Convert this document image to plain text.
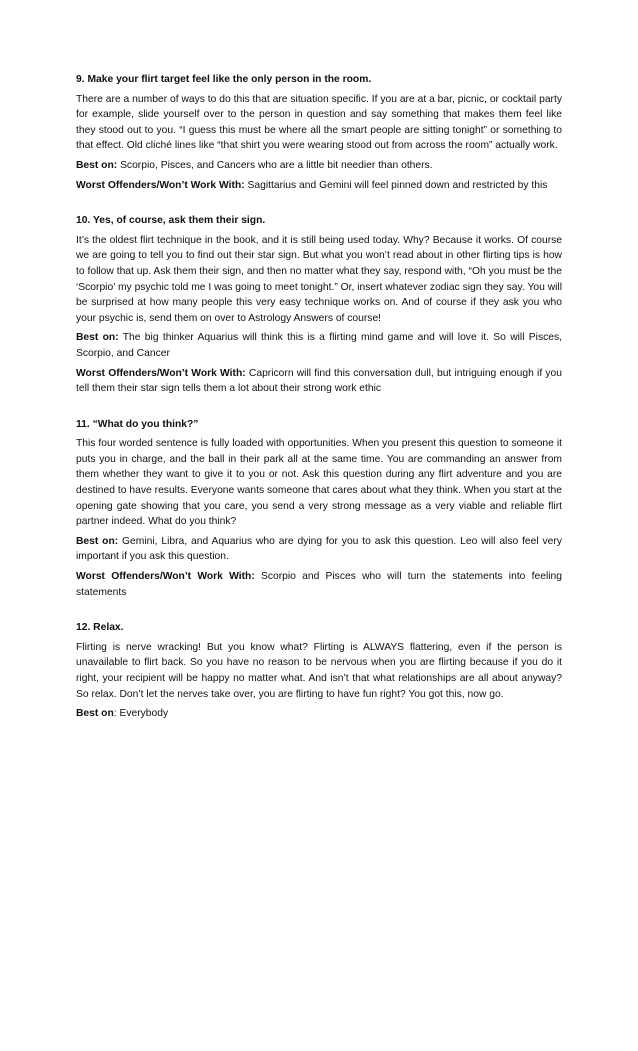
9. Make your flirt target feel like the only person in the room.
There are a number of ways to do this that are situation specific. If you are at a bar, picnic, or cocktail party for example, slide yourself over to the person in question and say something that makes them feel like they stood out to you. “I guess this must be where all the smart people are sitting tonight” or something to that effect. Old cliché lines like “that shirt you were wearing stood out from across the room” actually work.
Best on: Scorpio, Pisces, and Cancers who are a little bit needier than others.
Worst Offenders/Won’t Work With: Sagittarius and Gemini will feel pinned down and restricted by this
10. Yes, of course, ask them their sign.
It’s the oldest flirt technique in the book, and it is still being used today. Why? Because it works. Of course we are going to tell you to find out their star sign. But what you won’t read about in other flirting tips is how to follow that up. Ask them their sign, and then no matter what they say, respond with, “Oh you must be the ‘Scorpio’ my psychic told me I was going to meet tonight.” Or, insert whatever zodiac sign they say. You will be surprised at how many people this very easy technique works on. And of course if they ask you who your psychic is, send them on over to Astrology Answers of course!
Best on: The big thinker Aquarius will think this is a flirting mind game and will love it. So will Pisces, Scorpio, and Cancer
Worst Offenders/Won’t Work With: Capricorn will find this conversation dull, but intriguing enough if you tell them their star sign tells them a lot about their strong work ethic
11. “What do you think?”
This four worded sentence is fully loaded with opportunities. When you present this question to someone it puts you in charge, and the ball in their park all at the same time. You are commanding an answer from them whether they want to give it to you or not. Ask this question during any flirt adventure and you are destined to have results. Everyone wants someone that cares about what they think. When you start at the opening gate showing that you care, you send a very strong message as a very viable and reliable flirt partner indeed. What do you think?
Best on: Gemini, Libra, and Aquarius who are dying for you to ask this question. Leo will also feel very important if you ask this question.
Worst Offenders/Won’t Work With: Scorpio and Pisces who will turn the statements into feeling statements
12. Relax.
Flirting is nerve wracking! But you know what? Flirting is ALWAYS flattering, even if the person is unavailable to flirt back. So you have no reason to be nervous when you are flirting because if you do it right, your recipient will be happy no matter what. And isn’t that what relationships are all about anyway? So relax. Don’t let the nerves take over, you are flirting to have fun right? You got this, now go.
Best on: Everybody
